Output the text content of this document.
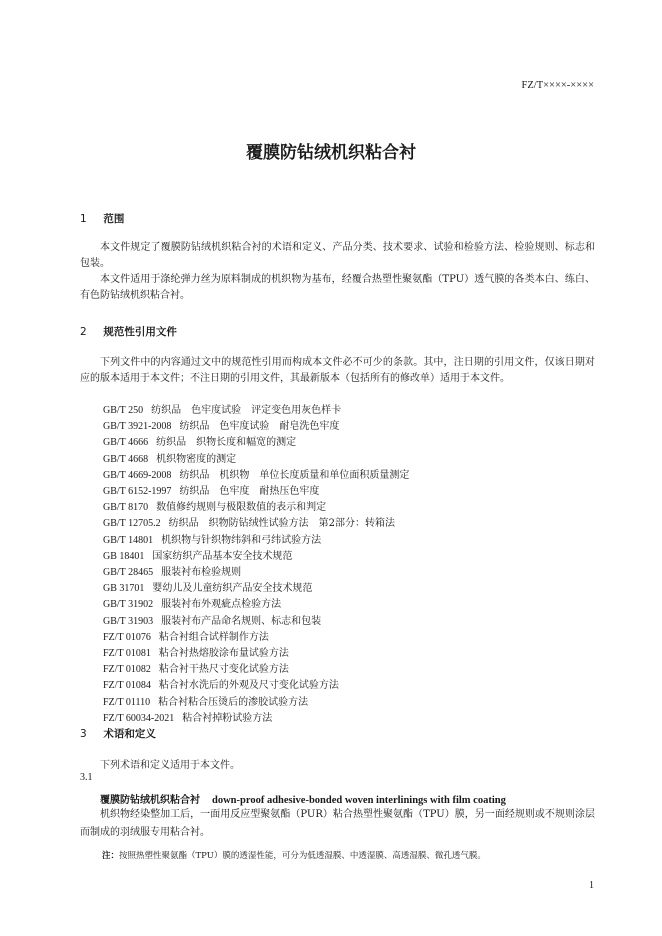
FZ/T××××-××××
覆膜防钻绒机织粘合衬
1 范围
本文件规定了覆膜防钻绒机织粘合衬的术语和定义、产品分类、技术要求、试验和检验方法、检验规则、标志和包装。
本文件适用于涤纶弹力丝为原料制成的机织物为基布，经覆合热塑性聚氨酯（TPU）透气膜的各类本白、练白、有色防钻绒机织粘合衬。
2 规范性引用文件
下列文件中的内容通过文中的规范性引用而构成本文件必不可少的条款。其中，注日期的引用文件，仅该日期对应的版本适用于本文件；不注日期的引用文件，其最新版本（包括所有的修改单）适用于本文件。
GB/T 250 纺织品　色牢度试验　评定变色用灰色样卡
GB/T 3921-2008 纺织品　色牢度试验　耐皂洗色牢度
GB/T 4666 纺织品　织物长度和幅宽的测定
GB/T 4668 机织物密度的测定
GB/T 4669-2008 纺织品　机织物　单位长度质量和单位面积质量测定
GB/T 6152-1997 纺织品　色牢度　耐热压色牢度
GB/T 8170 数值修约规则与极限数值的表示和判定
GB/T 12705.2 纺织品　织物防钻绒性试验方法　第2部分：转箱法
GB/T 14801 机织物与针织物纬斜和弓纬试验方法
GB 18401 国家纺织产品基本安全技术规范
GB/T 28465 服装衬布检验规则
GB 31701 婴幼儿及儿童纺织产品安全技术规范
GB/T 31902 服装衬布外观疵点检验方法
GB/T 31903 服装衬布产品命名规则、标志和包装
FZ/T 01076 粘合衬组合试样制作方法
FZ/T 01081 粘合衬热熔胶涂布量试验方法
FZ/T 01082 粘合衬干热尺寸变化试验方法
FZ/T 01084 粘合衬水洗后的外观及尺寸变化试验方法
FZ/T 01110 粘合衬粘合压烫后的渗胶试验方法
FZ/T 60034-2021 粘合衬掉粉试验方法
3 术语和定义
下列术语和定义适用于本文件。
3.1
覆膜防钻绒机织粘合衬 down-proof adhesive-bonded woven interlinings with film coating
机织物经染整加工后，一面用反应型聚氨酯（PUR）粘合热塑性聚氨酯（TPU）膜，另一面经规则或不规则涂层而制成的羽绒服专用粘合衬。
注：按照热塑性聚氨酯（TPU）膜的透湿性能，可分为低透湿膜、中透湿膜、高透湿膜、微孔透气膜。
1
